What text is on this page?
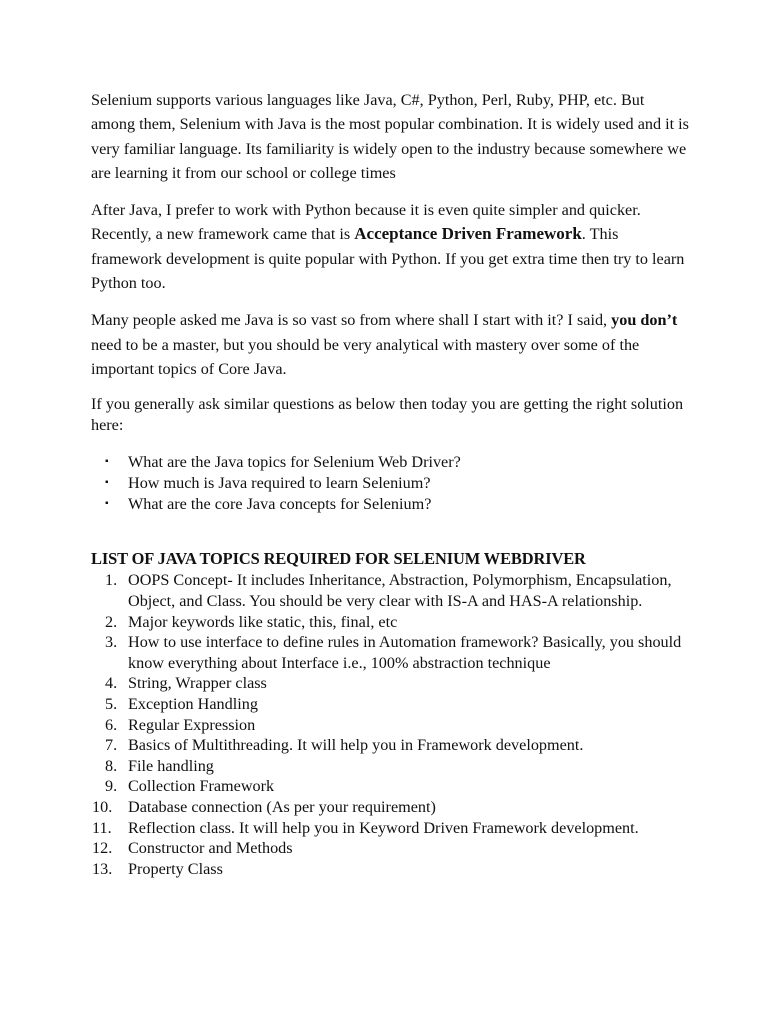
Selenium supports various languages like Java, C#, Python, Perl, Ruby, PHP, etc. But among them, Selenium with Java is the most popular combination. It is widely used and it is very familiar language. Its familiarity is widely open to the industry because somewhere we are learning it from our school or college times

After Java, I prefer to work with Python because it is even quite simpler and quicker. Recently, a new framework came that is Acceptance Driven Framework. This framework development is quite popular with Python. If you get extra time then try to learn Python too.

Many people asked me Java is so vast so from where shall I start with it? I said, you don’t need to be a master, but you should be very analytical with mastery over some of the important topics of Core Java.

If you generally ask similar questions as below then today you are getting the right solution here:

▪ What are the Java topics for Selenium Web Driver?
▪ How much is Java required to learn Selenium?
▪ What are the core Java concepts for Selenium?
LIST OF JAVA TOPICS REQUIRED FOR SELENIUM WEBDRIVER
1. OOPS Concept- It includes Inheritance, Abstraction, Polymorphism, Encapsulation, Object, and Class. You should be very clear with IS-A and HAS-A relationship.
2. Major keywords like static, this, final, etc
3. How to use interface to define rules in Automation framework? Basically, you should know everything about Interface i.e., 100% abstraction technique
4. String, Wrapper class
5. Exception Handling
6. Regular Expression
7. Basics of Multithreading. It will help you in Framework development.
8. File handling
9. Collection Framework
10. Database connection (As per your requirement)
11. Reflection class. It will help you in Keyword Driven Framework development.
12. Constructor and Methods
13. Property Class
